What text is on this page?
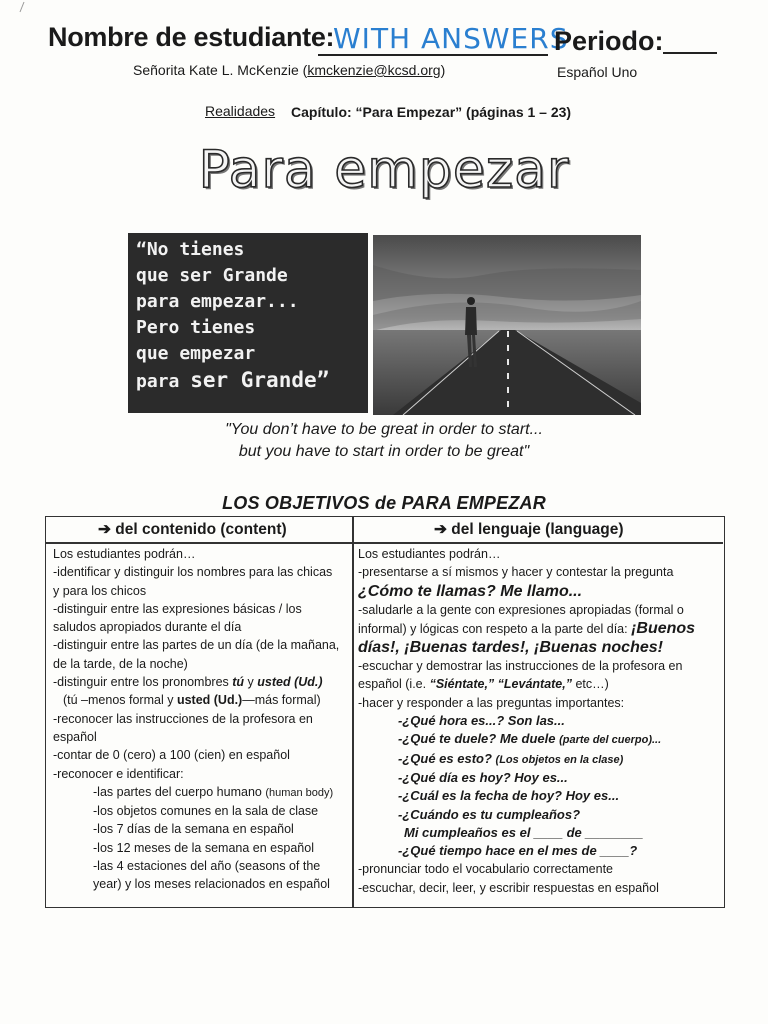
Nombre de estudiante:
WITH ANSWERS
Periodo:
Señorita Kate L. McKenzie (kmckenzie@kcsd.org)	Español Uno
Realidades Capítulo: “Para Empezar” (páginas 1 – 23)
Para empezar
“No tienes
que ser Grande
para empezar...
Pero tienes
que empezar
para ser Grande”
"You don’t have to be great in order to start...
but you have to start in order to be great"
LOS OBJETIVOS de PARA EMPEZAR
➔ del contenido (content)	➔ del lenguaje (language)
Los estudiantes podrán…
-identificar y distinguir los nombres para las chicas
y para los chicos
-distinguir entre las expresiones básicas / los
saludos apropiados durante el día
-distinguir entre las partes de un día (de la mañana,
de la tarde, de la noche)
-distinguir entre los pronombres tú y usted (Ud.)
(tú –menos formal y usted (Ud.)—más formal)
-reconocer las instrucciones de la profesora en
español
-contar de 0 (cero) a 100 (cien) en español
-reconocer e identificar:
-las partes del cuerpo humano (human body)
-los objetos comunes en la sala de clase
-los 7 días de la semana en español
-los 12 meses de la semana en español
-las 4 estaciones del año (seasons of the
year) y los meses relacionados en español
Los estudiantes podrán…
-presentarse a sí mismos y hacer y contestar la pregunta
¿Cómo te llamas? Me llamo...
-saludarle a la gente con expresiones apropiadas (formal o
informal) y lógicas con respeto a la parte del día: ¡Buenos
días!, ¡Buenas tardes!, ¡Buenas noches!
-escuchar y demostrar las instrucciones de la profesora en
español (i.e. “Siéntate,” “Levántate,” etc…)
-hacer y responder a las preguntas importantes:
-¿Qué hora es...? Son las...
-¿Qué te duele? Me duele (parte del cuerpo)...
-¿Qué es esto? (Los objetos en la clase)
-¿Qué día es hoy? Hoy es...
-¿Cuál es la fecha de hoy? Hoy es...
-¿Cuándo es tu cumpleaños?
Mi cumpleaños es el ____ de ________
-¿Qué tiempo hace en el mes de ____?
-pronunciar todo el vocabulario correctamente
-escuchar, decir, leer, y escribir respuestas en español
